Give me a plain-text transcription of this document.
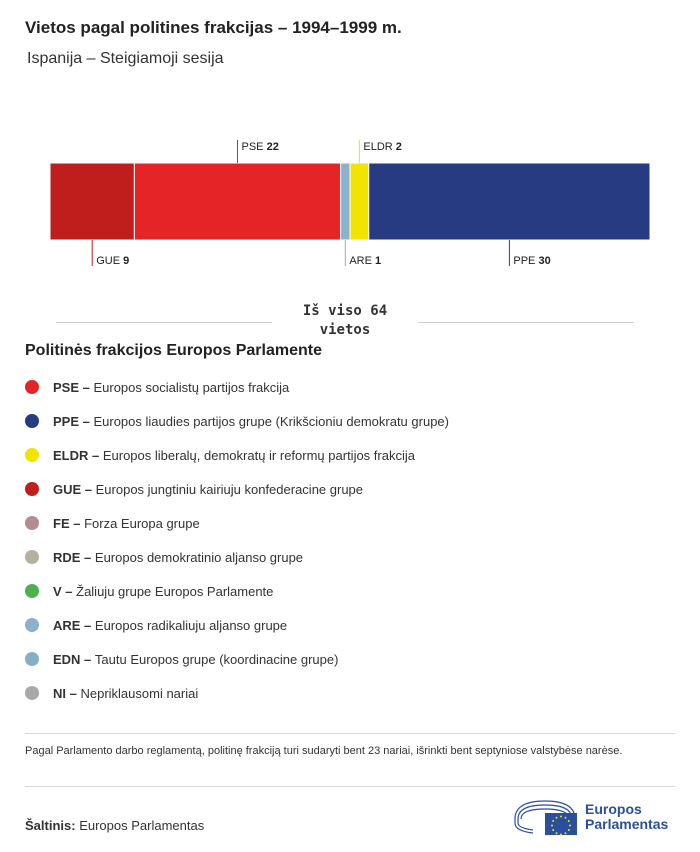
Vietos pagal politines frakcijas – 1994–1999 m.
Ispanija – Steigiamoji sesija
GUE 9
PSE 22
ARE 1
ELDR 2
PPE 30
Iš viso 64
vietos
Politinės frakcijos Europos Parlamente
PSE – Europos socialistų partijos frakcija
PPE – Europos liaudies partijos grupe (Krikšcioniu demokratu grupe)
ELDR – Europos liberalų, demokratų ir reformų partijos frakcija
GUE – Europos jungtiniu kairiuju konfederacine grupe
FE – Forza Europa grupe
RDE – Europos demokratinio aljanso grupe
V – Žaliuju grupe Europos Parlamente
ARE – Europos radikaliuju aljanso grupe
EDN – Tautu Europos grupe (koordinacine grupe)
NI – Nepriklausomi nariai
Pagal Parlamento darbo reglamentą, politinę frakciją turi sudaryti bent 23 nariai, išrinkti bent septyniose valstybėse narėse.
Šaltinis: Europos Parlamentas
Europos
Parlamentas
